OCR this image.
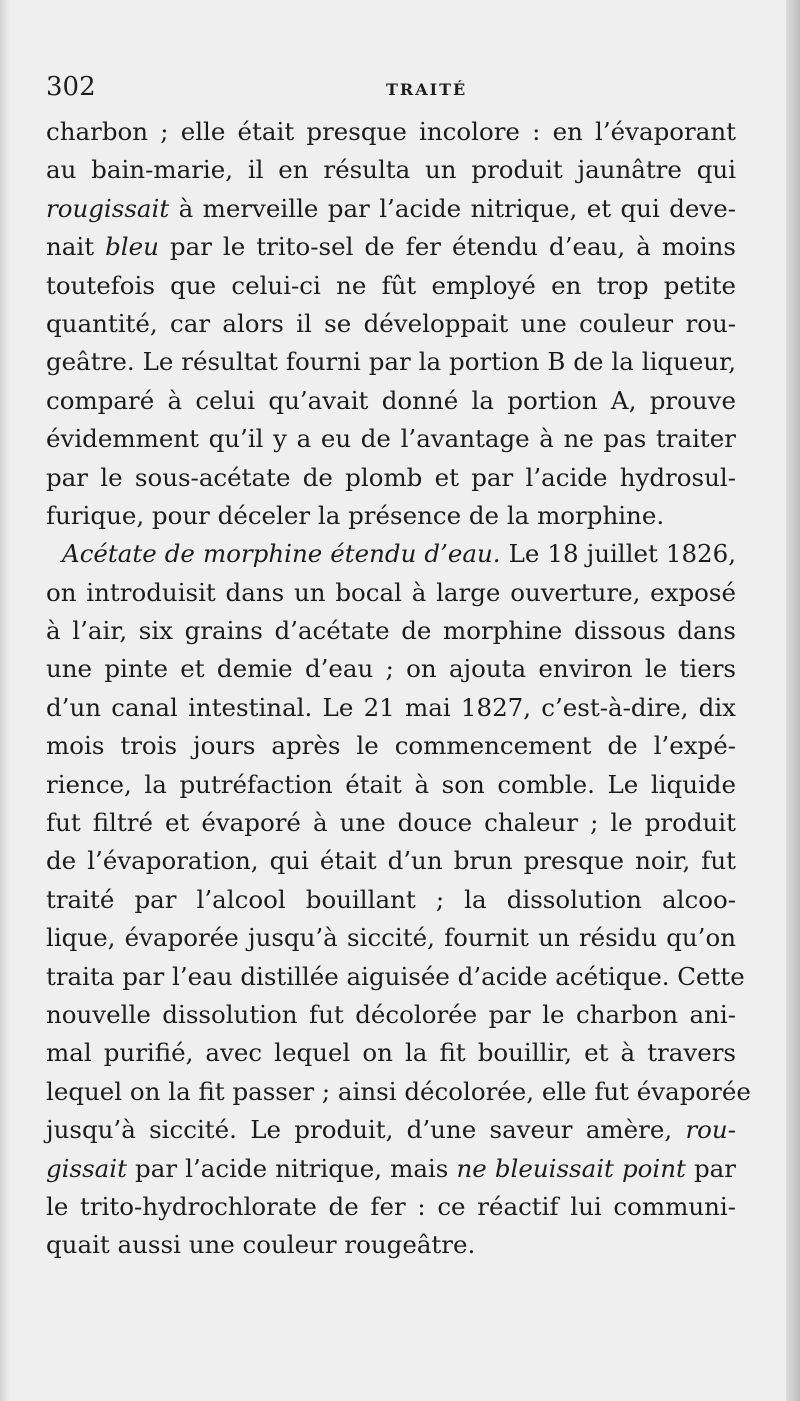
302	TRAITÉ
charbon ; elle était presque incolore : en l’évaporant
au bain-marie, il en résulta un produit jaunâtre qui
rougissait à merveille par l’acide nitrique, et qui deve-
nait bleu par le trito-sel de fer étendu d’eau, à moins
toutefois que celui-ci ne fût employé en trop petite
quantité, car alors il se développait une couleur rou-
geâtre. Le résultat fourni par la portion B de la liqueur,
comparé à celui qu’avait donné la portion A, prouve
évidemment qu’il y a eu de l’avantage à ne pas traiter
par le sous-acétate de plomb et par l’acide hydrosul-
furique, pour déceler la présence de la morphine.
Acétate de morphine étendu d’eau. Le 18 juillet 1826,
on introduisit dans un bocal à large ouverture, exposé
à l’air, six grains d’acétate de morphine dissous dans
une pinte et demie d’eau ; on ajouta environ le tiers
d’un canal intestinal. Le 21 mai 1827, c’est-à-dire, dix
mois trois jours après le commencement de l’expé-
rience, la putréfaction était à son comble. Le liquide
fut filtré et évaporé à une douce chaleur ; le produit
de l’évaporation, qui était d’un brun presque noir, fut
traité par l’alcool bouillant ; la dissolution alcoo-
lique, évaporée jusqu’à siccité, fournit un résidu qu’on
traita par l’eau distillée aiguisée d’acide acétique. Cette
nouvelle dissolution fut décolorée par le charbon ani-
mal purifié, avec lequel on la fit bouillir, et à travers
lequel on la fit passer ; ainsi décolorée, elle fut évaporée
jusqu’à siccité. Le produit, d’une saveur amère, rou-
gissait par l’acide nitrique, mais ne bleuissait point par
le trito-hydrochlorate de fer : ce réactif lui communi-
quait aussi une couleur rougeâtre.
